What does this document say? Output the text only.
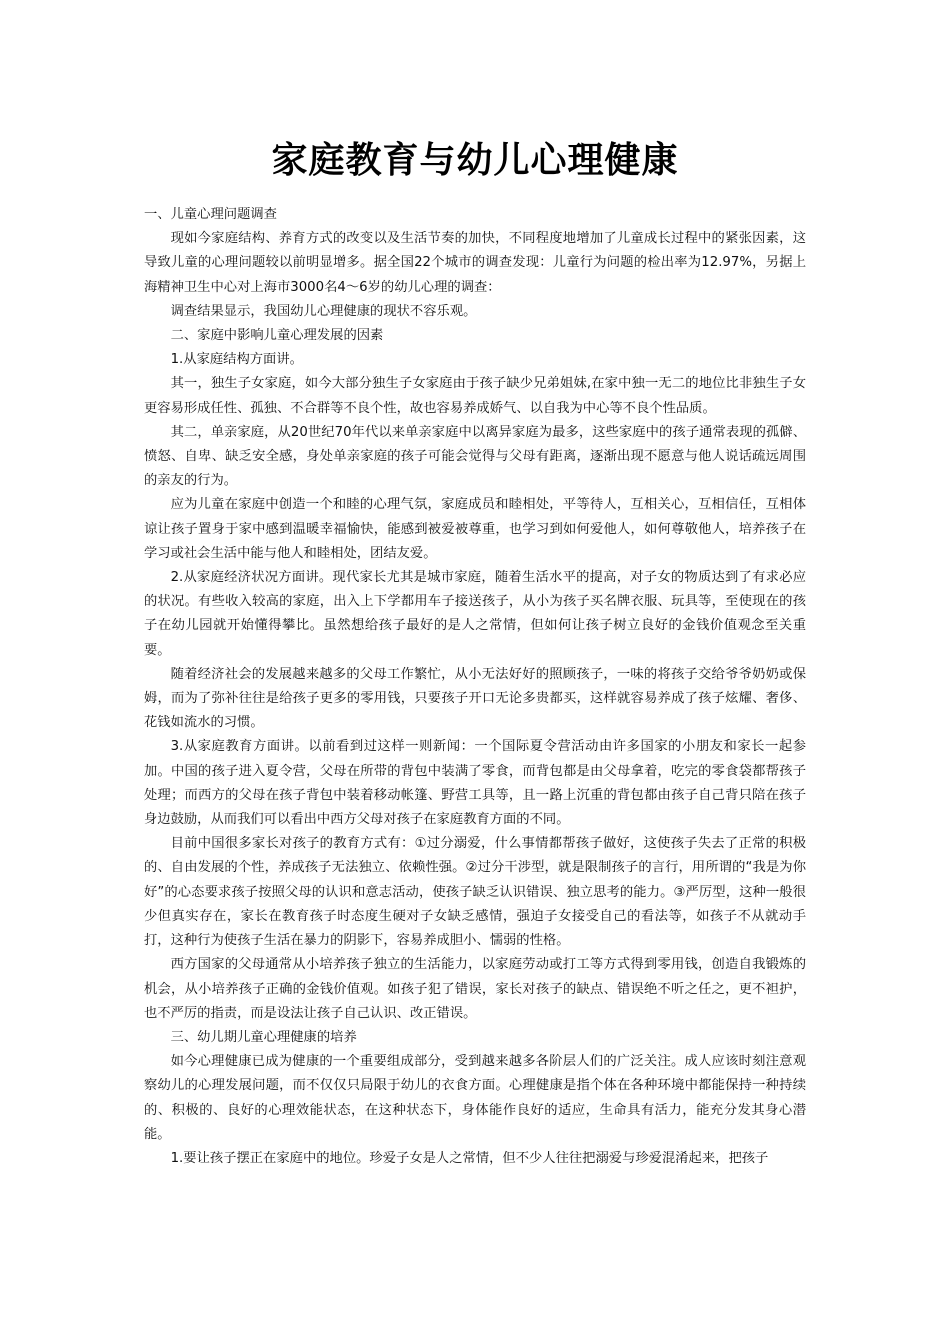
家庭教育与幼儿心理健康

一、儿童心理问题调查

现如今家庭结构、养育方式的改变以及生活节奏的加快，不同程度地增加了儿童成长过程中的紧张因素，这导致儿童的心理问题较以前明显增多。据全国22个城市的调查发现：儿童行为问题的检出率为12.97%，另据上海精神卫生中心对上海市3000名4～6岁的幼儿心理的调查：

调查结果显示，我国幼儿心理健康的现状不容乐观。

二、家庭中影响儿童心理发展的因素

1.从家庭结构方面讲。

其一，独生子女家庭，如今大部分独生子女家庭由于孩子缺少兄弟姐妹,在家中独一无二的地位比非独生子女更容易形成任性、孤独、不合群等不良个性，故也容易养成娇气、以自我为中心等不良个性品质。

其二，单亲家庭，从20世纪70年代以来单亲家庭中以离异家庭为最多，这些家庭中的孩子通常表现的孤僻、愤怒、自卑、缺乏安全感，身处单亲家庭的孩子可能会觉得与父母有距离，逐渐出现不愿意与他人说话疏远周围的亲友的行为。

应为儿童在家庭中创造一个和睦的心理气氛，家庭成员和睦相处，平等待人，互相关心，互相信任，互相体谅让孩子置身于家中感到温暖幸福愉快，能感到被爱被尊重，也学习到如何爱他人，如何尊敬他人，培养孩子在学习或社会生活中能与他人和睦相处，团结友爱。

2.从家庭经济状况方面讲。现代家长尤其是城市家庭，随着生活水平的提高，对子女的物质达到了有求必应的状况。有些收入较高的家庭，出入上下学都用车子接送孩子，从小为孩子买名牌衣服、玩具等，至使现在的孩子在幼儿园就开始懂得攀比。虽然想给孩子最好的是人之常情，但如何让孩子树立良好的金钱价值观念至关重要。

随着经济社会的发展越来越多的父母工作繁忙，从小无法好好的照顾孩子，一味的将孩子交给爷爷奶奶或保姆，而为了弥补往往是给孩子更多的零用钱，只要孩子开口无论多贵都买，这样就容易养成了孩子炫耀、奢侈、花钱如流水的习惯。

3.从家庭教育方面讲。以前看到过这样一则新闻：一个国际夏令营活动由许多国家的小朋友和家长一起参加。中国的孩子进入夏令营，父母在所带的背包中装满了零食，而背包都是由父母拿着，吃完的零食袋都帮孩子处理；而西方的父母在孩子背包中装着移动帐篷、野营工具等，且一路上沉重的背包都由孩子自己背只陪在孩子身边鼓励，从而我们可以看出中西方父母对孩子在家庭教育方面的不同。

目前中国很多家长对孩子的教育方式有：①过分溺爱，什么事情都帮孩子做好，这使孩子失去了正常的积极的、自由发展的个性，养成孩子无法独立、依赖性强。②过分干涉型，就是限制孩子的言行，用所谓的“我是为你好”的心态要求孩子按照父母的认识和意志活动，使孩子缺乏认识错误、独立思考的能力。③严厉型，这种一般很少但真实存在，家长在教育孩子时态度生硬对子女缺乏感情，强迫子女接受自己的看法等，如孩子不从就动手打，这种行为使孩子生活在暴力的阴影下，容易养成胆小、懦弱的性格。

西方国家的父母通常从小培养孩子独立的生活能力，以家庭劳动或打工等方式得到零用钱，创造自我锻炼的机会，从小培养孩子正确的金钱价值观。如孩子犯了错误，家长对孩子的缺点、错误绝不听之任之，更不袒护，也不严厉的指责，而是设法让孩子自己认识、改正错误。

三、幼儿期儿童心理健康的培养

如今心理健康已成为健康的一个重要组成部分，受到越来越多各阶层人们的广泛关注。成人应该时刻注意观察幼儿的心理发展问题，而不仅仅只局限于幼儿的衣食方面。心理健康是指个体在各种环境中都能保持一种持续的、积极的、良好的心理效能状态，在这种状态下，身体能作良好的适应，生命具有活力，能充分发其身心潜能。

1.要让孩子摆正在家庭中的地位。珍爱子女是人之常情，但不少人往往把溺爱与珍爱混淆起来，把孩子
